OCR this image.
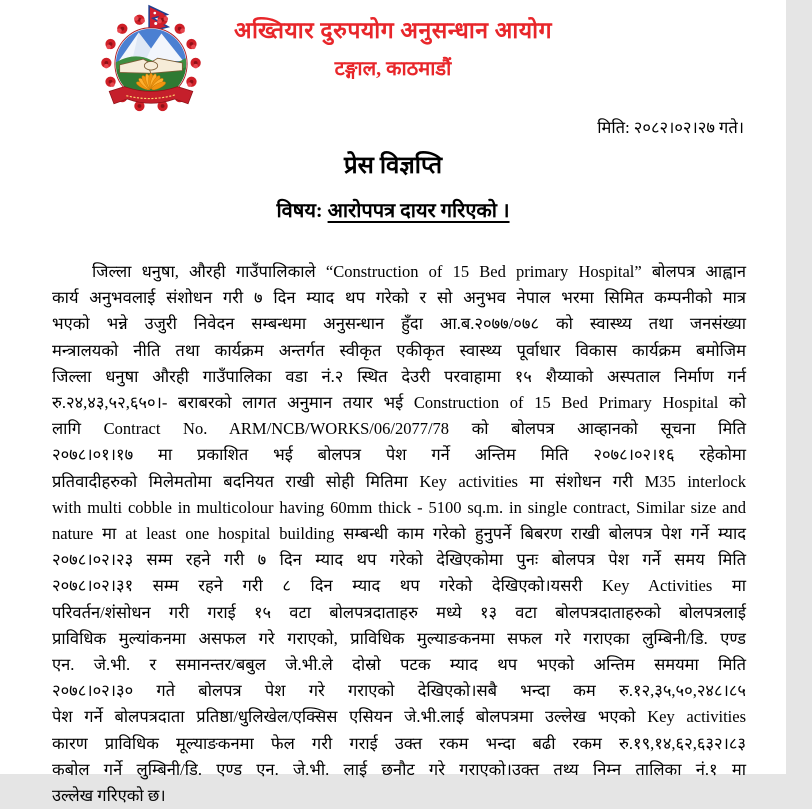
अख्तियार दुरुपयोग अनुसन्धान आयोग
टङ्गाल, काठमाडौं
मिति: २०८२।०२।२७ गते।
प्रेस विज्ञप्ति
विषय: आरोपपत्र दायर गरिएको ।
जिल्ला धनुषा, औरही गाउँपालिकाले “Construction of 15 Bed primary Hospital” बोलपत्र आह्वान
कार्य अनुभवलाई संशोधन गरी ७ दिन म्याद थप गरेको र सो अनुभव नेपाल भरमा सिमित कम्पनीको मात्र
भएको भन्ने उजुरी निवेदन सम्बन्धमा अनुसन्धान हुँदा आ.ब.२०७७/०७८ को स्वास्थ्य तथा जनसंख्या
मन्त्रालयको नीति तथा कार्यक्रम अन्तर्गत स्वीकृत एकीकृत स्वास्थ्य पूर्वाधार विकास कार्यक्रम बमोजिम
जिल्ला धनुषा औरही गाउँपालिका वडा नं.२ स्थित देउरी परवाहामा १५ शैय्याको अस्पताल निर्माण गर्न
रु.२४,४३,५२,६५०।- बराबरको लागत अनुमान तयार भई Construction of 15 Bed Primary Hospital को
लागि Contract No. ARM/NCB/WORKS/06/2077/78 को बोलपत्र आव्हानको सूचना मिति
२०७८।०१।१७ मा प्रकाशित भई बोलपत्र पेश गर्ने अन्तिम मिति २०७८।०२।१६ रहेकोमा
प्रतिवादीहरुको मिलेमतोमा बदनियत राखी सोही मितिमा Key activities मा संशोधन गरी M35 interlock
with multi cobble in multicolour having 60mm thick - 5100 sq.m. in single contract, Similar size and
nature मा at least one hospital building सम्बन्धी काम गरेको हुनुपर्ने बिबरण राखी बोलपत्र पेश गर्ने म्याद
२०७८।०२।२३ सम्म रहने गरी ७ दिन म्याद थप गरेको देखिएकोमा पुनः बोलपत्र पेश गर्ने समय मिति
२०७८।०२।३१ सम्म रहने गरी ८ दिन म्याद थप गरेको देखिएको।यसरी Key Activities मा
परिवर्तन/शंसोधन गरी गराई १५ वटा बोलपत्रदाताहरु मध्ये १३ वटा बोलपत्रदाताहरुको बोलपत्रलाई
प्राविधिक मुल्यांकनमा असफल गरे गराएको, प्राविधिक मुल्याङकनमा सफल गरे गराएका लुम्बिनी/डि. एण्ड
एन. जे.भी. र समानन्तर/बबुल जे.भी.ले दोस्रो पटक म्याद थप भएको अन्तिम समयमा मिति
२०७८।०२।३० गते बोलपत्र पेश गरे गराएको देखिएको।सबै भन्दा कम रु.१२,३५,५०,२४८।८५
पेश गर्ने बोलपत्रदाता प्रतिष्ठा/धुलिखेल/एक्सिस एसियन जे.भी.लाई बोलपत्रमा उल्लेख भएको Key activities
कारण प्राविधिक मूल्याङकनमा फेल गरी गराई उक्त रकम भन्दा बढी रकम रु.१९,१४,६२,६३२।८३
कबोल गर्ने लुम्बिनी/डि. एण्ड एन. जे.भी. लाई छनौट गरे गराएको।उक्त तथ्य निम्न तालिका नं.१ मा
उल्लेख गरिएको छ।
